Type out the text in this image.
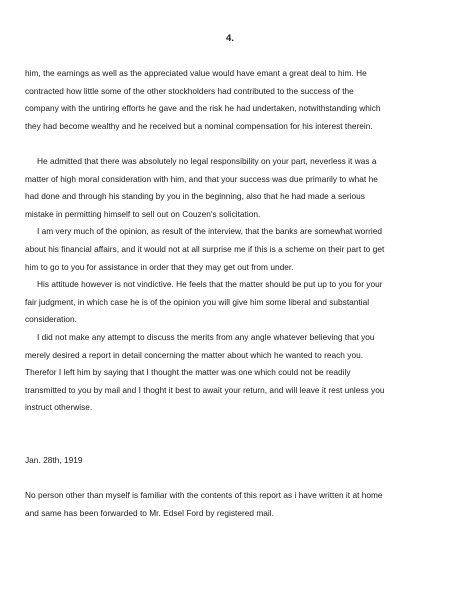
4.

him, the earnings as well as the appreciated value would have emant a great deal to him. He
contracted how little some of the other stockholders had contributed to the success of the
company with the untiring efforts he gave and the risk he had undertaken, notwithstanding which
they had become wealthy and he received but a nominal compensation for his interest therein.

He admitted that there was absolutely no legal responsibility on your part, neverless it was a
matter of high moral consideration with him, and that your success was due primarily to what he
had done and through his standing by you in the beginning, also that he had made a serious
mistake in permitting himself to sell out on Couzen's solicitation.

I am very much of the opinion, as result of the interview, that the banks are somewhat worried
about his financial affairs, and it would not at all surprise me if this is a scheme on their part to get
him to go to you for assistance in order that they may get out from under.

His attitude however is not vindictive. He feels that the matter should be put up to you for your
fair judgment, in which case he is of the opinion you will give him some liberal and substantial
consideration.

I did not make any attempt to discuss the merits from any angle whatever believing that you
merely desired a report in detail concerning the matter about which he wanted to reach you.
Therefor I left him by saying that I thought the matter was one which could not be readily
transmitted to you by mail and I thoght it best to await your return, and will leave it rest unless you
instruct otherwise.

Jan. 28th, 1919

No person other than myself is familiar with the contents of this report as i have written it at home
and same has been forwarded to Mr. Edsel Ford by registered mail.
